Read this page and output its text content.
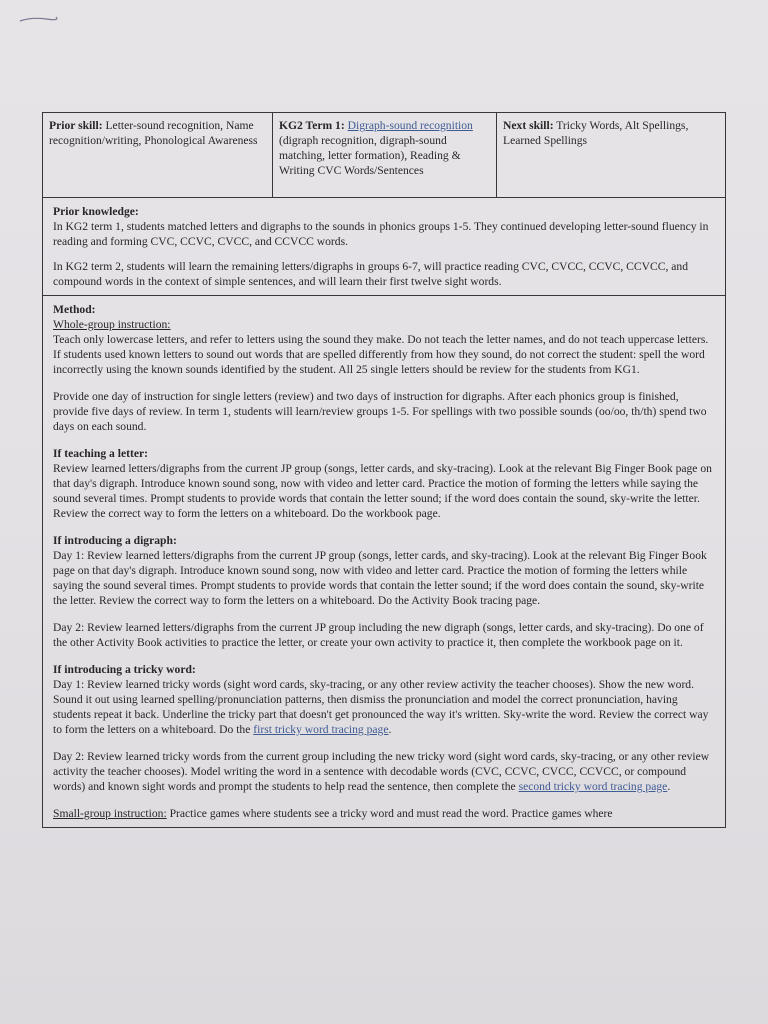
Prior skill: Letter-sound recognition, Name recognition/writing, Phonological Awareness
KG2 Term 1: Digraph-sound recognition (digraph recognition, digraph-sound matching, letter formation), Reading & Writing CVC Words/Sentences
Next skill: Tricky Words, Alt Spellings, Learned Spellings

Prior knowledge:

In KG2 term 1, students matched letters and digraphs to the sounds in phonics groups 1-5. They continued developing letter-sound fluency in reading and forming CVC, CCVC, CVCC, and CCVCC words.

In KG2 term 2, students will learn the remaining letters/digraphs in groups 6-7, will practice reading CVC, CVCC, CCVC, CCVCC, and compound words in the context of simple sentences, and will learn their first twelve sight words.

Method:

Whole-group instruction:

Teach only lowercase letters, and refer to letters using the sound they make. Do not teach the letter names, and do not teach uppercase letters. If students used known letters to sound out words that are spelled differently from how they sound, do not correct the student: spell the word incorrectly using the known sounds identified by the student. All 25 single letters should be review for the students from KG1.

Provide one day of instruction for single letters (review) and two days of instruction for digraphs. After each phonics group is finished, provide five days of review. In term 1, students will learn/review groups 1-5. For spellings with two possible sounds (oo/oo, th/th) spend two days on each sound.

If teaching a letter:

Review learned letters/digraphs from the current JP group (songs, letter cards, and sky-tracing). Look at the relevant Big Finger Book page on that day's digraph. Introduce known sound song, now with video and letter card. Practice the motion of forming the letters while saying the sound several times. Prompt students to provide words that contain the letter sound; if the word does contain the sound, sky-write the letter. Review the correct way to form the letters on a whiteboard. Do the workbook page.

If introducing a digraph:

Day 1: Review learned letters/digraphs from the current JP group (songs, letter cards, and sky-tracing). Look at the relevant Big Finger Book page on that day's digraph. Introduce known sound song, now with video and letter card. Practice the motion of forming the letters while saying the sound several times. Prompt students to provide words that contain the letter sound; if the word does contain the sound, sky-write the letter. Review the correct way to form the letters on a whiteboard. Do the Activity Book tracing page.

Day 2: Review learned letters/digraphs from the current JP group including the new digraph (songs, letter cards, and sky-tracing). Do one of the other Activity Book activities to practice the letter, or create your own activity to practice it, then complete the workbook page on it.

If introducing a tricky word:

Day 1: Review learned tricky words (sight word cards, sky-tracing, or any other review activity the teacher chooses). Show the new word. Sound it out using learned spelling/pronunciation patterns, then dismiss the pronunciation and model the correct pronunciation, having students repeat it back. Underline the tricky part that doesn't get pronounced the way it's written. Sky-write the word. Review the correct way to form the letters on a whiteboard. Do the first tricky word tracing page.

Day 2: Review learned tricky words from the current group including the new tricky word (sight word cards, sky-tracing, or any other review activity the teacher chooses). Model writing the word in a sentence with decodable words (CVC, CCVC, CVCC, CCVCC, or compound words) and known sight words and prompt the students to help read the sentence, then complete the second tricky word tracing page.

Small-group instruction: Practice games where students see a tricky word and must read the word. Practice games where
